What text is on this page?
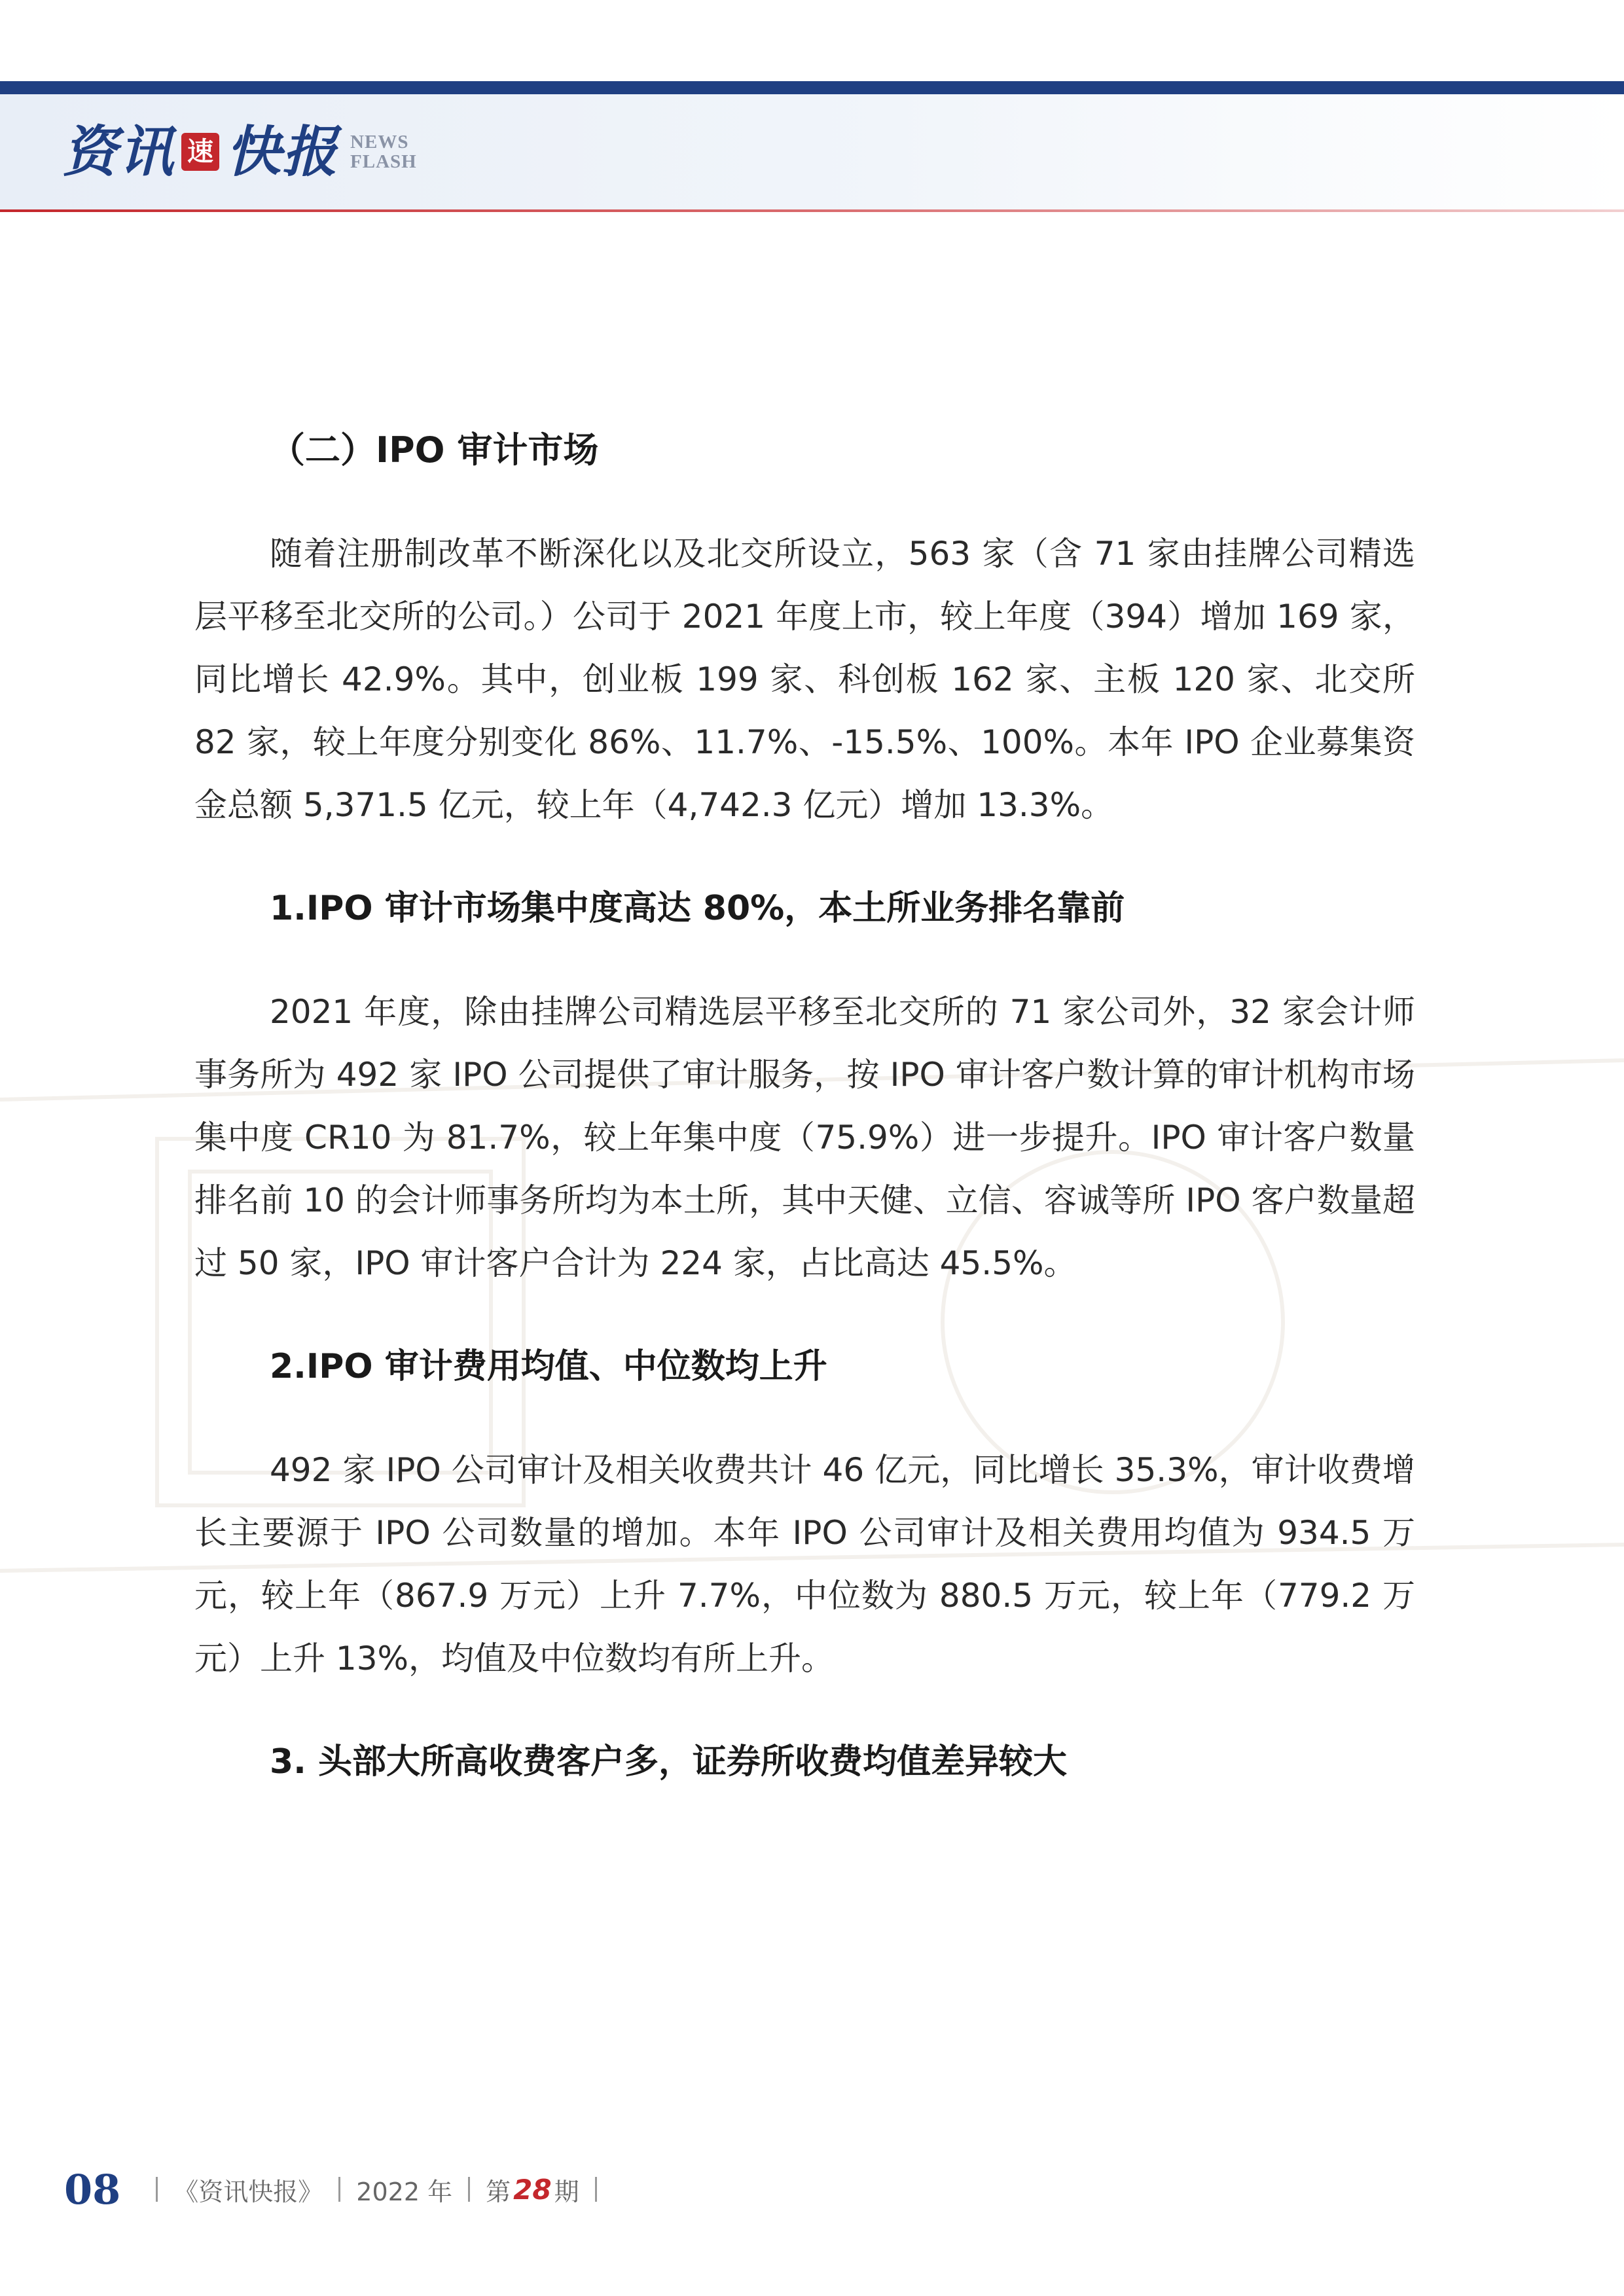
资讯 速 快报 NEWS
FLASH
（二）IPO 审计市场

随着注册制改革不断深化以及北交所设立，563 家（含 71 家由挂牌公司精选层平移至北交所的公司。）公司于 2021 年度上市，较上年度（394）增加 169 家，同比增长 42.9%。其中，创业板 199 家、科创板 162 家、主板 120 家、北交所 82 家，较上年度分别变化 86%、11.7%、-15.5%、100%。本年 IPO 企业募集资金总额 5,371.5 亿元，较上年（4,742.3 亿元）增加 13.3%。

1.IPO 审计市场集中度高达 80%，本土所业务排名靠前

2021 年度，除由挂牌公司精选层平移至北交所的 71 家公司外，32 家会计师事务所为 492 家 IPO 公司提供了审计服务，按 IPO 审计客户数计算的审计机构市场集中度 CR10 为 81.7%，较上年集中度（75.9%）进一步提升。IPO 审计客户数量排名前 10 的会计师事务所均为本土所，其中天健、立信、容诚等所 IPO 客户数量超过 50 家，IPO 审计客户合计为 224 家，占比高达 45.5%。

2.IPO 审计费用均值、中位数均上升

492 家 IPO 公司审计及相关收费共计 46 亿元，同比增长 35.3%，审计收费增长主要源于 IPO 公司数量的增加。本年 IPO 公司审计及相关费用均值为 934.5 万元，较上年（867.9 万元）上升 7.7%，中位数为 880.5 万元，较上年（779.2 万元）上升 13%，均值及中位数均有所上升。

3. 头部大所高收费客户多，证券所收费均值差异较大
08 《资讯快报》 2022 年 第 28 期
